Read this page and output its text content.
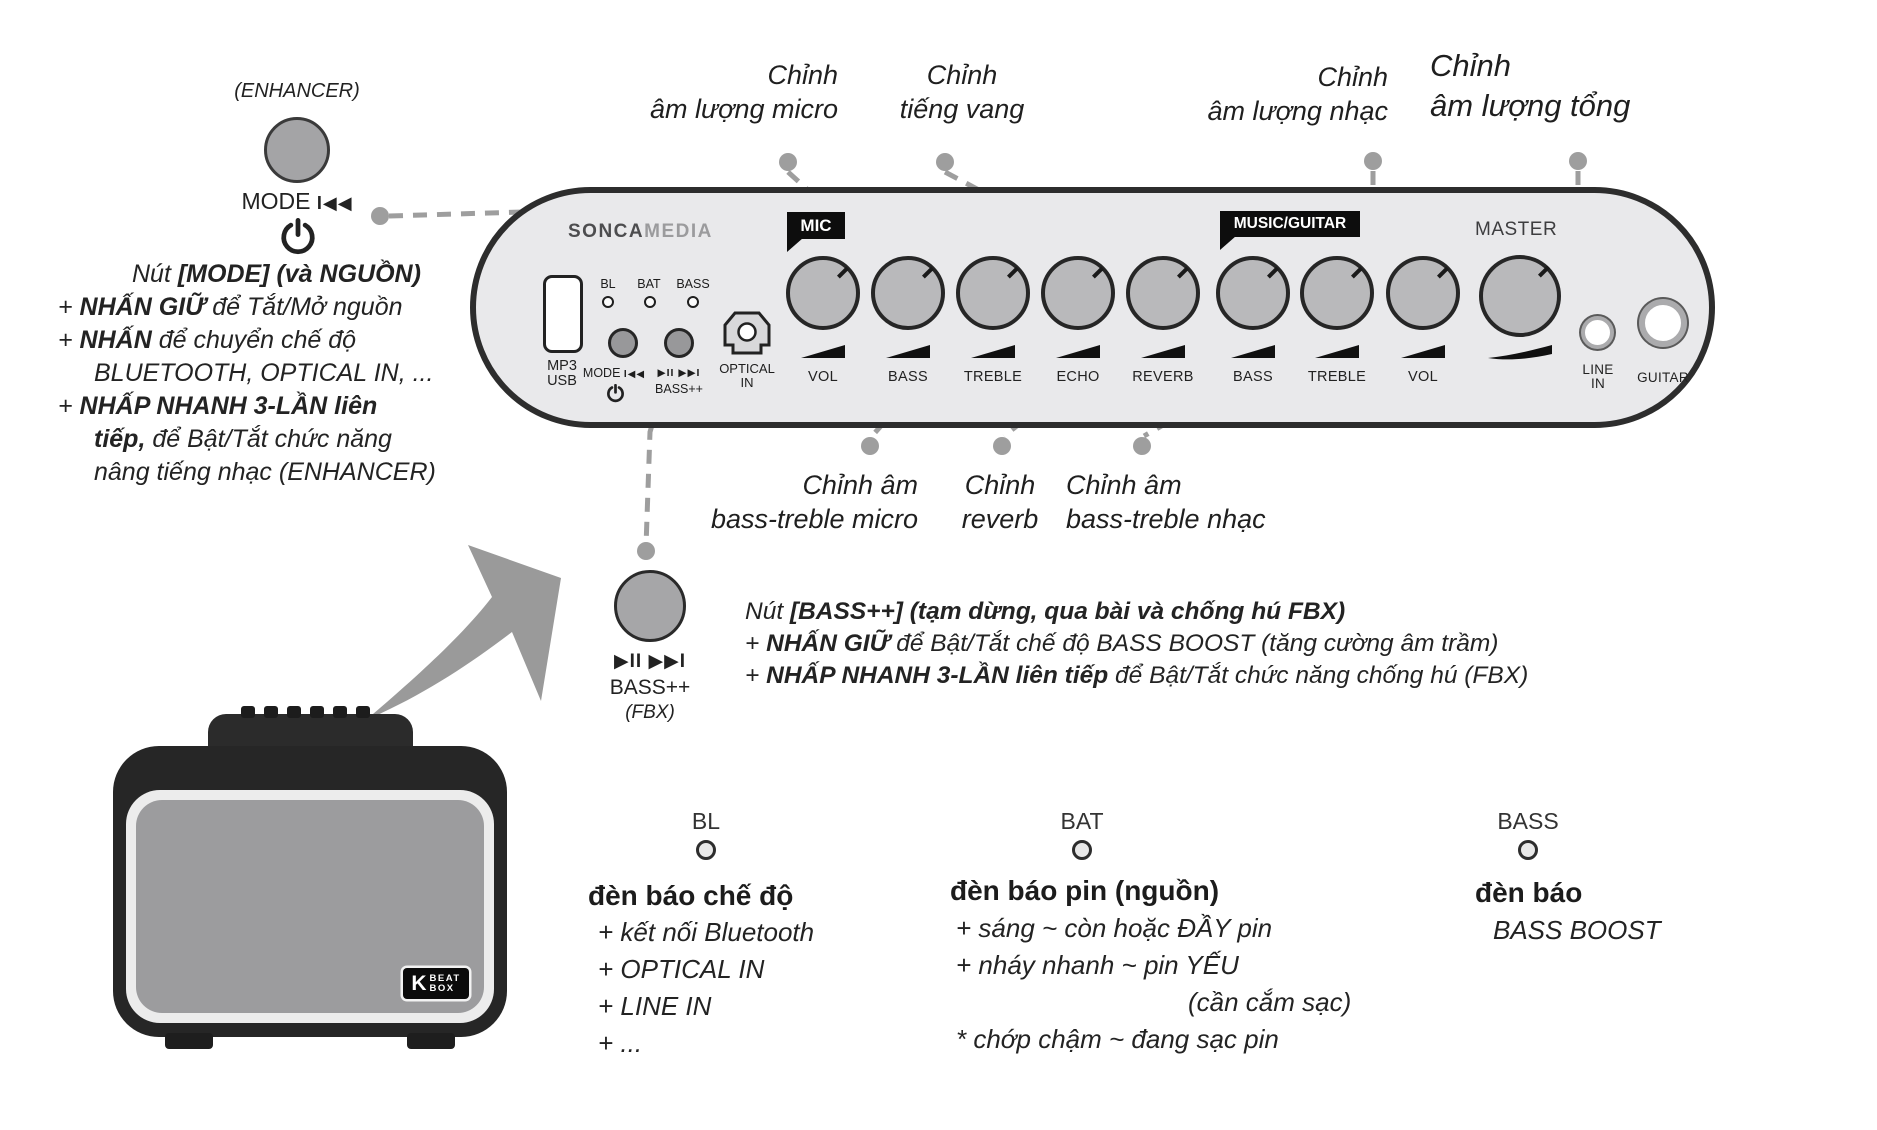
(ENHANCER)
MODE I◀◀
Nút [MODE] (và NGUỒN)
+ NHẤN GIỮ để Tắt/Mở nguồn
+ NHẤN để chuyển chế độ
BLUETOOTH, OPTICAL IN, ...
+ NHẤP NHANH 3-LẦN liên
tiếp, để Bật/Tắt chức năng
nâng tiếng nhạc (ENHANCER)
Chỉnh
âm lượng micro
Chỉnh
tiếng vang
Chỉnh
âm lượng nhạc
Chỉnh
âm lượng tổng
SONCAMEDIA
MP3
USB
BL	BAT	BASS
MODE I◀◀	▶II ▶▶I
BASS++
OPTICAL
IN
MIC	MUSIC/GUITAR	MASTER
VOL	BASS	TREBLE	ECHO	REVERB	BASS	TREBLE	VOL	LINE
IN	GUITAR
Chỉnh âm
bass-treble micro
Chỉnh
reverb
Chỉnh âm
bass-treble nhạc
▶II ▶▶I
BASS++
(FBX)
Nút [BASS++] (tạm dừng, qua bài và chống hú FBX)
+ NHẤN GIỮ để Bật/Tắt chế độ BASS BOOST (tăng cường âm trầm)
+ NHẤP NHANH 3-LẦN liên tiếp để Bật/Tắt chức năng chống hú (FBX)
BL
đèn báo chế độ
+ kết nối Bluetooth
+ OPTICAL IN
+ LINE IN
+ ...
BAT
đèn báo pin (nguồn)
+ sáng ~ còn hoặc ĐẦY pin
+ nháy nhanh ~ pin YẾU
(cần cắm sạc)
* chớp chậm ~ đang sạc pin
BASS
đèn báo
BASS BOOST
K BEAT
BOX
